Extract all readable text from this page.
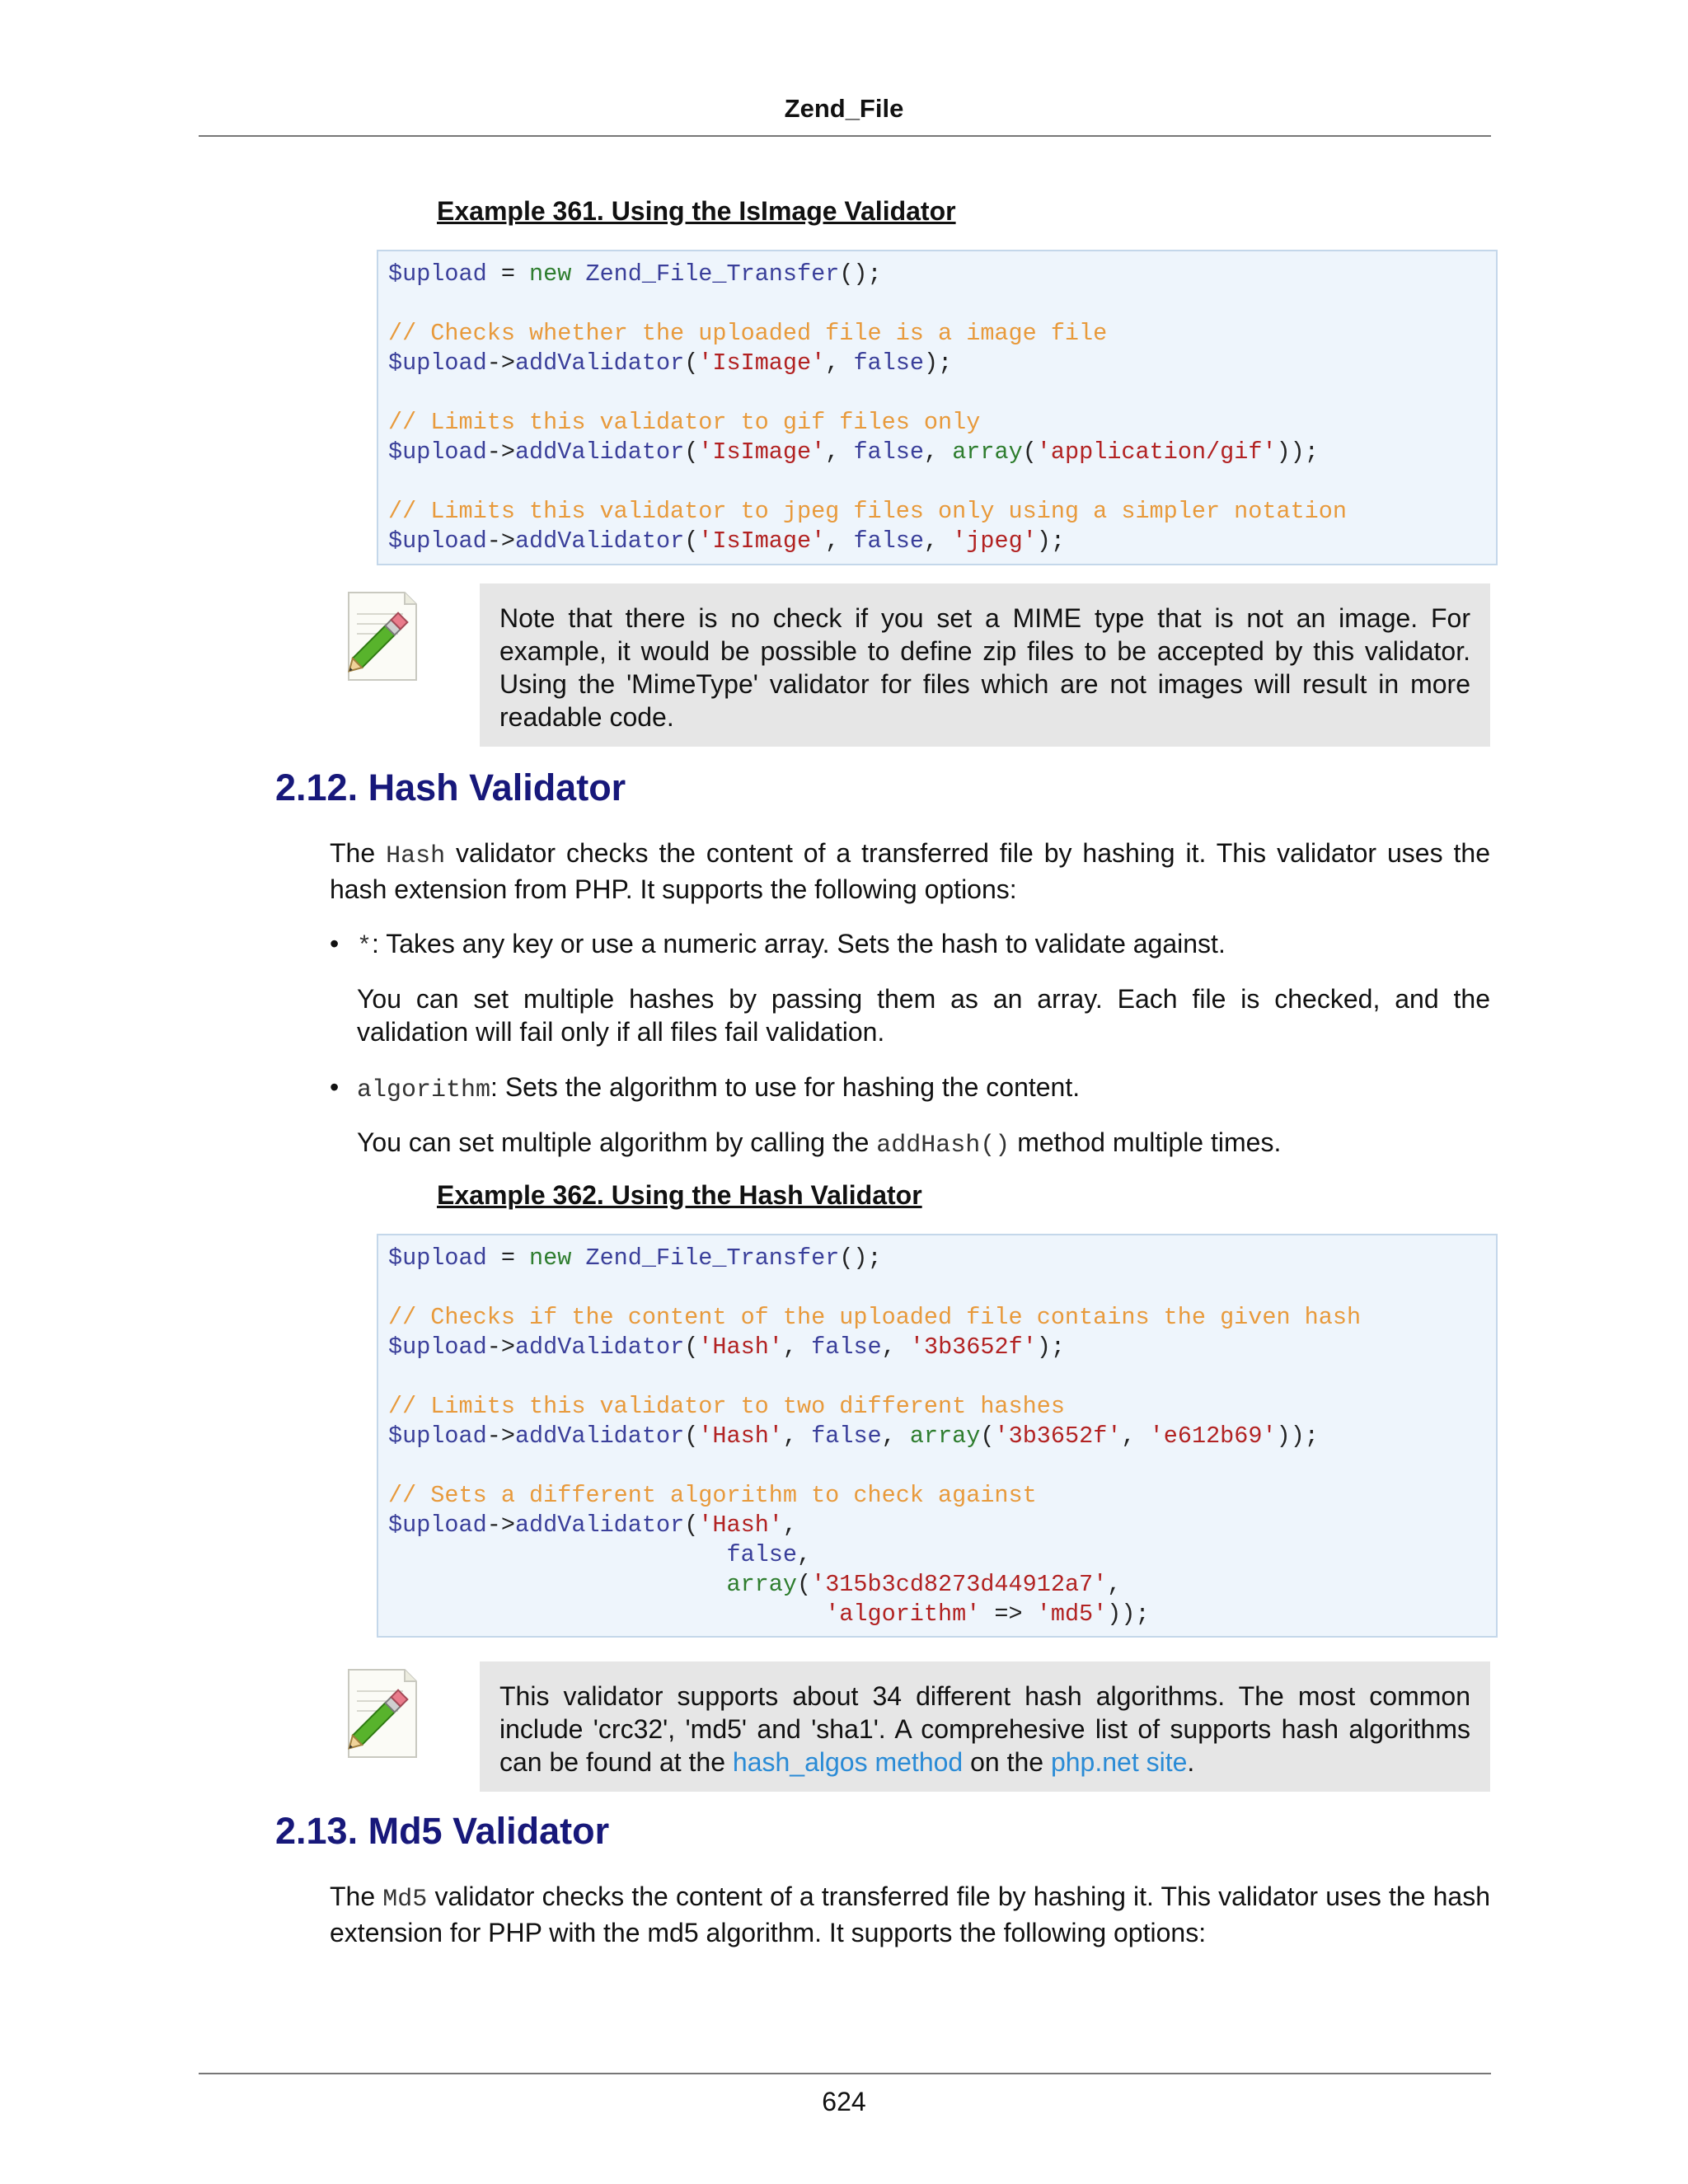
Zend_File
Example 361. Using the IsImage Validator
$upload = new Zend_File_Transfer();
// Checks whether the uploaded file is a image file
$upload->addValidator('IsImage', false);
// Limits this validator to gif files only
$upload->addValidator('IsImage', false, array('application/gif'));
// Limits this validator to jpeg files only using a simpler notation
$upload->addValidator('IsImage', false, 'jpeg');
Note that there is no check if you set a MIME type that is not an image. For example, it would be possible to define zip files to be accepted by this validator. Using the 'MimeType' validator for files which are not images will result in more readable code.
2.12. Hash Validator
The Hash validator checks the content of a transferred file by hashing it. This validator uses the hash extension from PHP. It supports the following options:
• *: Takes any key or use a numeric array. Sets the hash to validate against.
You can set multiple hashes by passing them as an array. Each file is checked, and the validation will fail only if all files fail validation.
• algorithm: Sets the algorithm to use for hashing the content.
You can set multiple algorithm by calling the addHash() method multiple times.
Example 362. Using the Hash Validator
$upload = new Zend_File_Transfer();
// Checks if the content of the uploaded file contains the given hash
$upload->addValidator('Hash', false, '3b3652f');
// Limits this validator to two different hashes
$upload->addValidator('Hash', false, array('3b3652f', 'e612b69'));
// Sets a different algorithm to check against
$upload->addValidator('Hash',
false,
array('315b3cd8273d44912a7',
'algorithm' => 'md5'));
This validator supports about 34 different hash algorithms. The most common include 'crc32', 'md5' and 'sha1'. A comprehesive list of supports hash algorithms can be found at the hash_algos method on the php.net site.
2.13. Md5 Validator
The Md5 validator checks the content of a transferred file by hashing it. This validator uses the hash extension for PHP with the md5 algorithm. It supports the following options:
624
